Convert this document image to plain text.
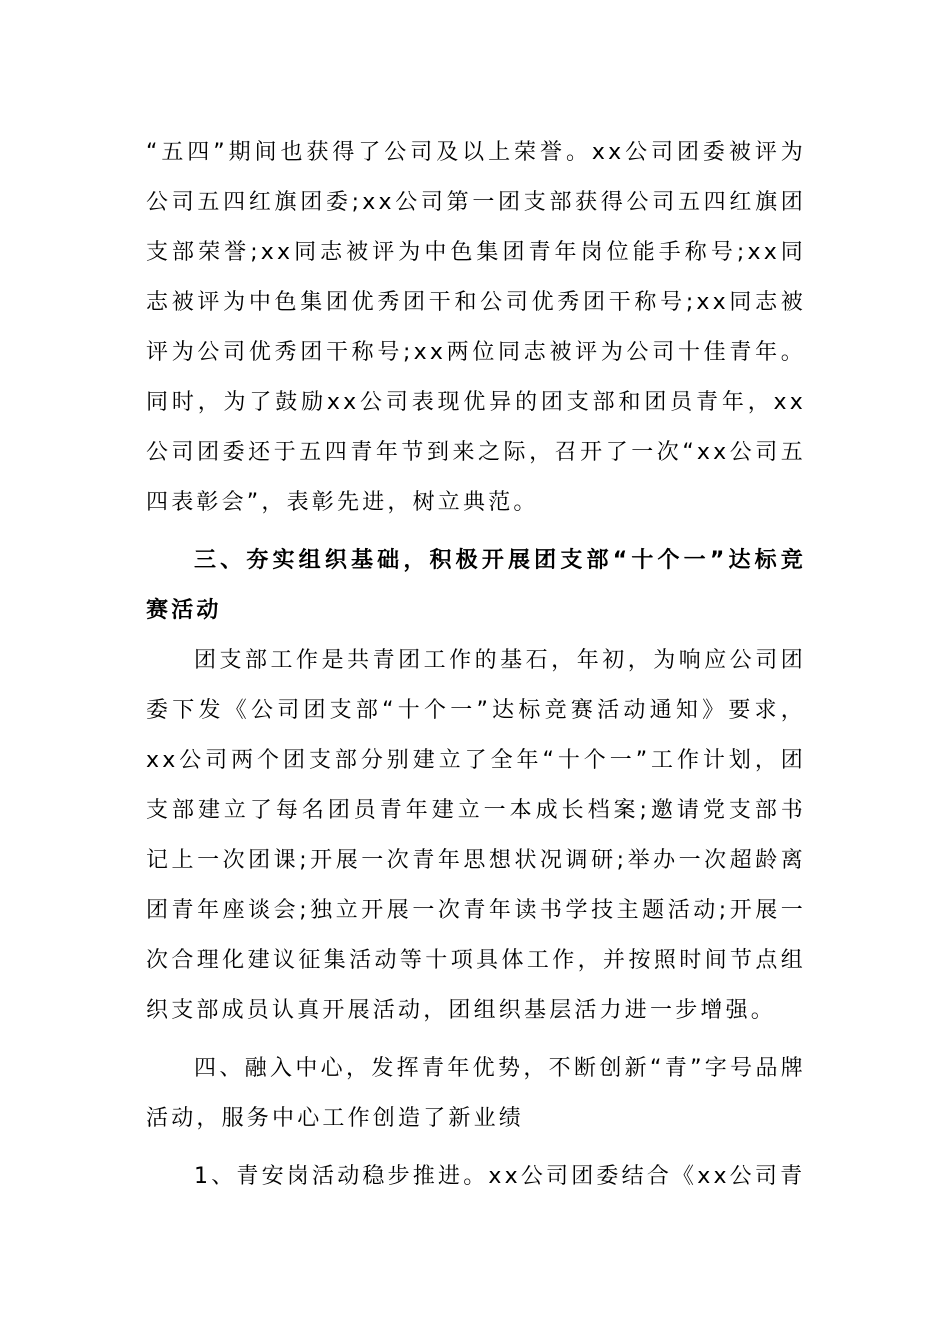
“五四”期间也获得了公司及以上荣誉。xx公司团委被评为公司五四红旗团委;xx公司第一团支部获得公司五四红旗团支部荣誉;xx同志被评为中色集团青年岗位能手称号;xx同志被评为中色集团优秀团干和公司优秀团干称号;xx同志被评为公司优秀团干称号;xx两位同志被评为公司十佳青年。同时，为了鼓励xx公司表现优异的团支部和团员青年，xx公司团委还于五四青年节到来之际，召开了一次“xx公司五四表彰会”，表彰先进，树立典范。

三、夯实组织基础，积极开展团支部“十个一”达标竞赛活动

团支部工作是共青团工作的基石，年初，为响应公司团委下发《公司团支部“十个一”达标竞赛活动通知》要求，xx公司两个团支部分别建立了全年“十个一”工作计划，团支部建立了每名团员青年建立一本成长档案;邀请党支部书记上一次团课;开展一次青年思想状况调研;举办一次超龄离团青年座谈会;独立开展一次青年读书学技主题活动;开展一次合理化建议征集活动等十项具体工作，并按照时间节点组织支部成员认真开展活动，团组织基层活力进一步增强。

四、融入中心，发挥青年优势，不断创新“青”字号品牌活动，服务中心工作创造了新业绩

1、青安岗活动稳步推进。xx公司团委结合《xx公司青
